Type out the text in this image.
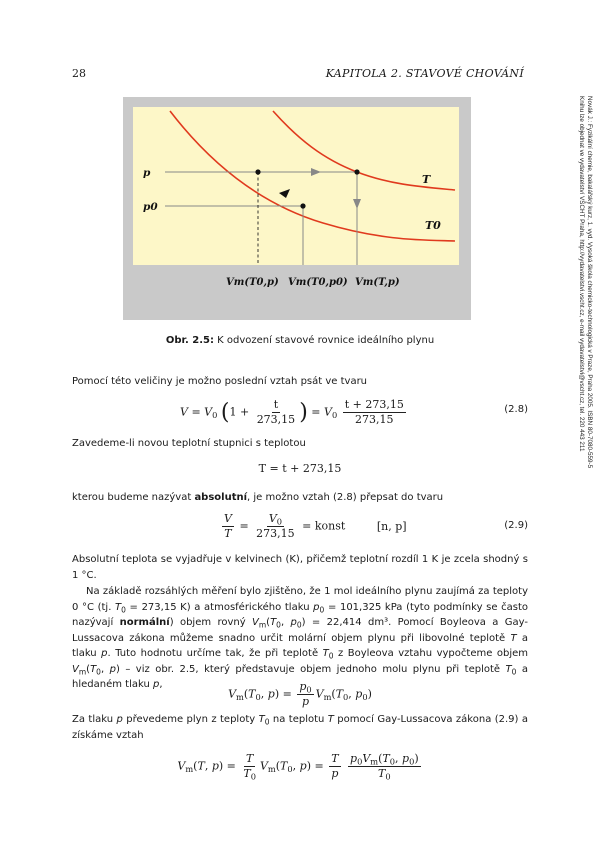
28	KAPITOLA 2. STAVOVÉ CHOVÁNÍ
Novák J.: Fyzikální chemie, bakalářský kurz, 1. vyd. Vysoká škola chemicko-technologická v Praze, Praha 2005. ISBN 80-7080-559-5
Knihu lze objednat ve vydavatelství VŠCHT Praha, http://vydavatelstvi.vscht.cz, e-mail vydavatelstvi@vscht.cz, tel. 220 443 211
p
p0
T
T0
Vm(T0,p) Vm(T0,p0) Vm(T,p)
Obr. 2.5: K odvození stavové rovnice ideálního plynu
Pomocí této veličiny je možno poslední vztah psát ve tvaru
$V = V_0$ ($1 + \frac{t}{273,15}$ ) = $V_0 \frac{t + 273,15}{273,15}$	(2.8)
Zavedeme-li novou teplotní stupnici s teplotou
T = t + 273,15
kterou budeme nazývat absolutní, je možno vztah (2.8) přepsat do tvaru
$\frac{V}{T} = \frac{V_0}{273,15}$ = konst	[n, p]	(2.9)
Absolutní teplota se vyjadřuje v kelvinech (K), přičemž teplotní rozdíl 1 K je zcela shodný s 1 °C.
Na základě rozsáhlých měření bylo zjištěno, že 1 mol ideálního plynu zaujímá za teploty 0 °C (tj. $T_0 = 273,15$ K) a atmosférického tlaku $p_0 = 101,325$ kPa (tyto podmínky se často nazývají normální) objem rovný $V_m(T_0$, $p_0) = 22,414$ dm³. Pomocí Boyleova a Gay-Lussacova zákona můžeme snadno určit molární objem plynu při libovolné teplotě T a tlaku p. Tuto hodnotu určíme tak, že při teplotě $T_0$ z Boyleova vztahu vypočteme objem $V_m(T_0$, p) – viz obr. 2.5, který představuje objem jednoho molu plynu při teplotě $T_0$ a hledaném tlaku p,
$V_m(T_0$, $p) = \frac{p_0}{p} V_m(T_0$, $p_0$)
Za tlaku p převedeme plyn z teploty $T_0$ na teplotu T pomocí Gay-Lussacova zákona (2.9) a získáme vztah
$V_m(T$, $p) = \frac{T}{T_0} V_m(T_0$, $p) = \frac{T}{p}$
$\frac{p_0V_m(T_0, p_0)}{T_0}$
